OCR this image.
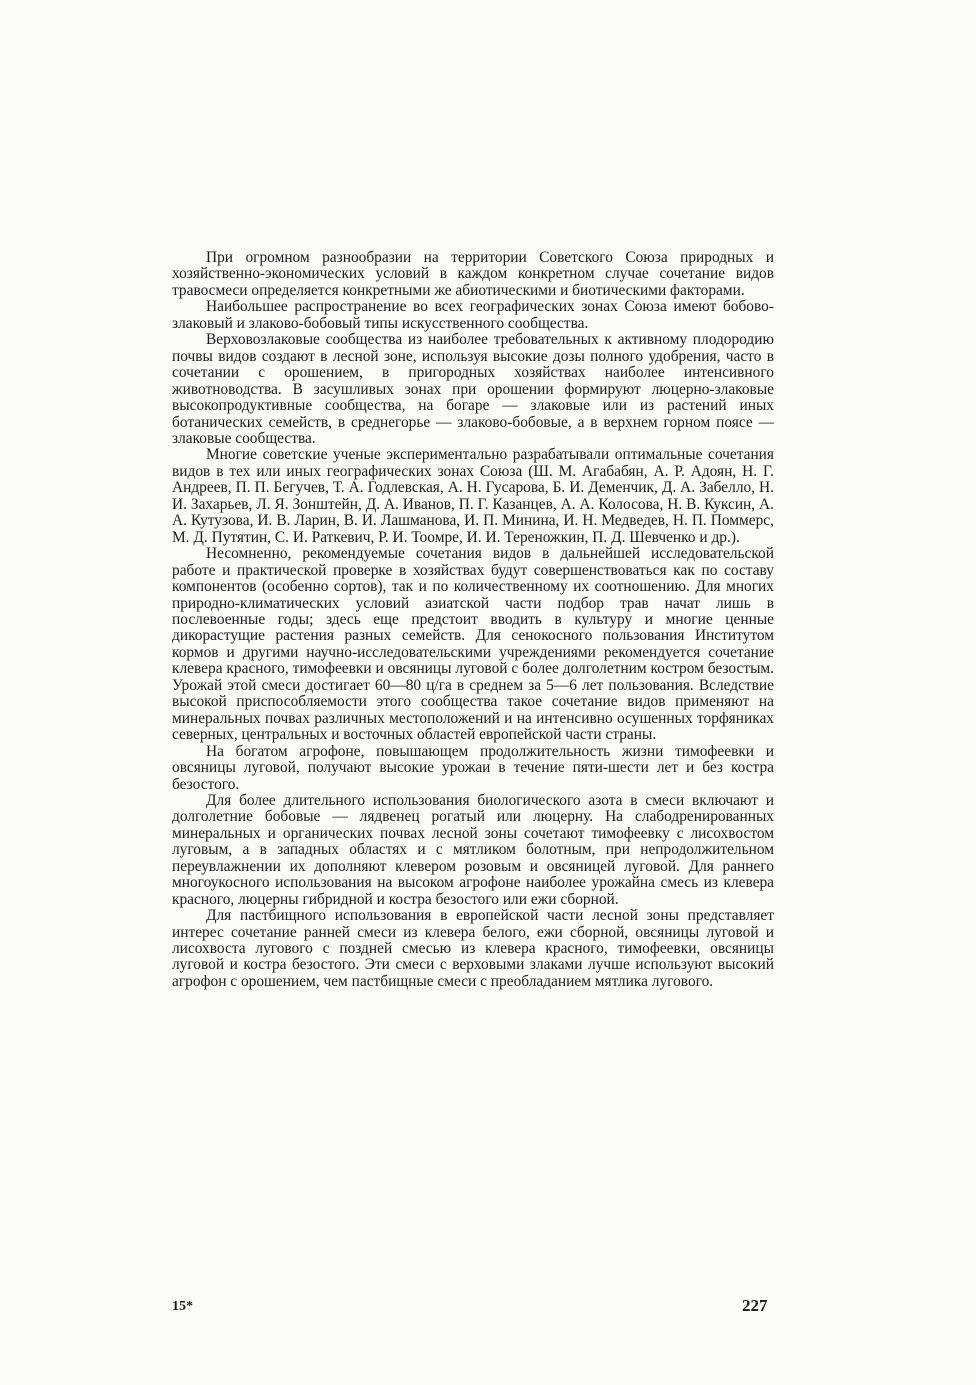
При огромном разнообразии на территории Советского Союза природных и хозяйственно-экономических условий в каждом конкретном случае сочетание видов травосмеси определяется конкретными же абиотическими и биотическими факторами.

Наибольшее распространение во всех географических зонах Союза имеют бобово-злаковый и злаково-бобовый типы искусственного сообщества.

Верховозлаковые сообщества из наиболее требовательных к активному плодородию почвы видов создают в лесной зоне, используя высокие дозы полного удобрения, часто в сочетании с орошением, в пригородных хозяйствах наиболее интенсивного животноводства. В засушливых зонах при орошении формируют люцерно-злаковые высокопродуктивные сообщества, на богаре — злаковые или из растений иных ботанических семейств, в среднегорье — злаково-бобовые, а в верхнем горном поясе — злаковые сообщества.

Многие советские ученые экспериментально разрабатывали оптимальные сочетания видов в тех или иных географических зонах Союза (Ш. М. Агабабян, А. Р. Адоян, Н. Г. Андреев, П. П. Бегучев, Т. А. Годлевская, А. Н. Гусарова, Б. И. Деменчик, Д. А. Забелло, Н. И. Захарьев, Л. Я. Зонштейн, Д. А. Иванов, П. Г. Казанцев, А. А. Колосова, Н. В. Куксин, А. А. Кутузова, И. В. Ларин, В. И. Лашманова, И. П. Минина, И. Н. Медведев, Н. П. Поммерс, М. Д. Путятин, С. И. Раткевич, Р. И. Тоомре, И. И. Тереножкин, П. Д. Шевченко и др.).

Несомненно, рекомендуемые сочетания видов в дальнейшей исследовательской работе и практической проверке в хозяйствах будут совершенствоваться как по составу компонентов (особенно сортов), так и по количественному их соотношению. Для многих природно-климатических условий азиатской части подбор трав начат лишь в послевоенные годы; здесь еще предстоит вводить в культуру и многие ценные дикорастущие растения разных семейств. Для сенокосного пользования Институтом кормов и другими научно-исследовательскими учреждениями рекомендуется сочетание клевера красного, тимофеевки и овсяницы луговой с более долголетним костром безостым. Урожай этой смеси достигает 60—80 ц/га в среднем за 5—6 лет пользования. Вследствие высокой приспособляемости этого сообщества такое сочетание видов применяют на минеральных почвах различных местоположений и на интенсивно осушенных торфяниках северных, центральных и восточных областей европейской части страны.

На богатом агрофоне, повышающем продолжительность жизни тимофеевки и овсяницы луговой, получают высокие урожаи в течение пяти-шести лет и без костра безостого.

Для более длительного использования биологического азота в смеси включают и долголетние бобовые — лядвенец рогатый или люцерну. На слабодренированных минеральных и органических почвах лесной зоны сочетают тимофеевку с лисохвостом луговым, а в западных областях и с мятликом болотным, при непродолжительном переувлажнении их дополняют клевером розовым и овсяницей луговой. Для раннего многоукосного использования на высоком агрофоне наиболее урожайна смесь из клевера красного, люцерны гибридной и костра безостого или ежи сборной.

Для пастбищного использования в европейской части лесной зоны представляет интерес сочетание ранней смеси из клевера белого, ежи сборной, овсяницы луговой и лисохвоста лугового с поздней смесью из клевера красного, тимофеевки, овсяницы луговой и костра безостого. Эти смеси с верховыми злаками лучше используют высокий агрофон с орошением, чем пастбищные смеси с преобладанием мятлика лугового.

15*	227
